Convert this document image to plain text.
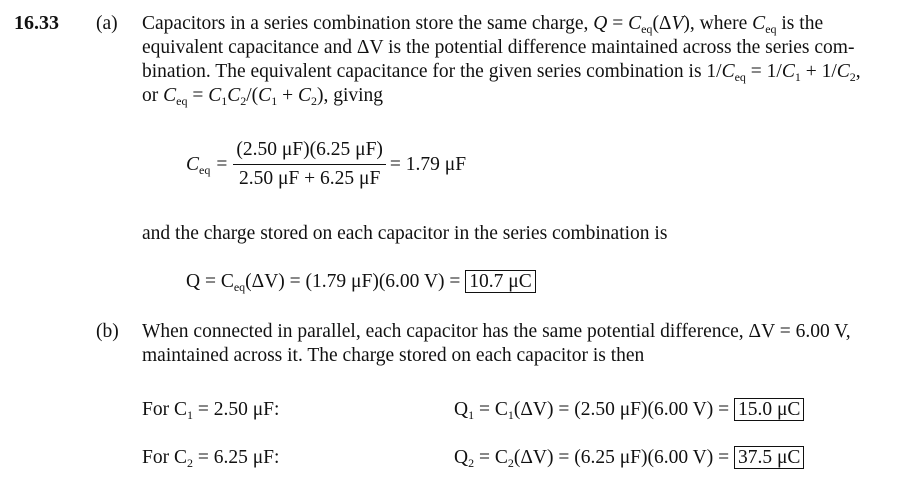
16.33 (a) Capacitors in a series combination store the same charge, $Q = C_{eq}(\Delta V)$, where $C_{eq}$ is the
equivalent capacitance and ΔV is the potential difference maintained across the series com-
bination. The equivalent capacitance for the given series combination is $1/C_{eq} = 1/C_1 + 1/C_2$,
or $C_{eq} = C_1C_2/(C_1 + C_2)$, giving
$C_{eq} = \frac{(2.50 \mu F)(6.25 \mu F)}{2.50 \mu F + 6.25 \mu F} = 1.79$ μF
and the charge stored on each capacitor in the series combination is
$Q = C_{eq}(\Delta V) = (1.79$ μF)(6.00 V) = 10.7 μC
(b) When connected in parallel, each capacitor has the same potential difference, ΔV = 6.00 V,
maintained across it. The charge stored on each capacitor is then
For $C_1 = 2.50$ μF:	$Q_1 = C_1(\Delta V) = (2.50$ μF)(6.00 V) = 15.0 μC
For $C_2 = 6.25$ μF:	$Q_2 = C_2(\Delta V) = (6.25$ μF)(6.00 V) = 37.5 μC
